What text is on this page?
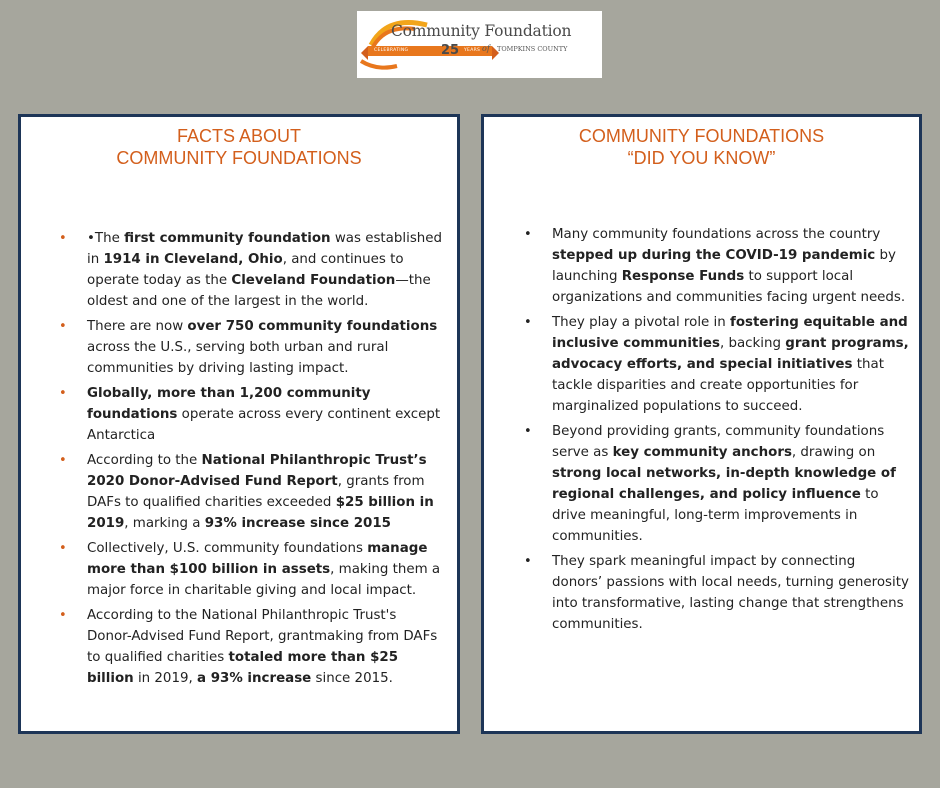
Community Foundation
CELEBRATING	25 YEARS of TOMPKINS COUNTY
FACTS ABOUT
COMMUNITY FOUNDATIONS
• •The first community foundation was established in 1914 in Cleveland, Ohio, and continues to operate today as the Cleveland Foundation—the oldest and one of the largest in the world.
• There are now over 750 community foundations across the U.S., serving both urban and rural communities by driving lasting impact.
• Globally, more than 1,200 community foundations operate across every continent except Antarctica
• According to the National Philanthropic Trust’s 2020 Donor-Advised Fund Report, grants from DAFs to qualified charities exceeded $25 billion in 2019, marking a 93% increase since 2015
• Collectively, U.S. community foundations manage more than $100 billion in assets, making them a major force in charitable giving and local impact.
• According to the National Philanthropic Trust's Donor-Advised Fund Report, grantmaking from DAFs to qualified charities totaled more than $25 billion in 2019, a 93% increase since 2015.
COMMUNITY FOUNDATIONS
“DID YOU KNOW”
• Many community foundations across the country stepped up during the COVID-19 pandemic by launching Response Funds to support local organizations and communities facing urgent needs.
• They play a pivotal role in fostering equitable and inclusive communities, backing grant programs, advocacy efforts, and special initiatives that tackle disparities and create opportunities for marginalized populations to succeed.
• Beyond providing grants, community foundations serve as key community anchors, drawing on strong local networks, in-depth knowledge of regional challenges, and policy influence to drive meaningful, long-term improvements in communities.
• They spark meaningful impact by connecting donors’ passions with local needs, turning generosity into transformative, lasting change that strengthens communities.
